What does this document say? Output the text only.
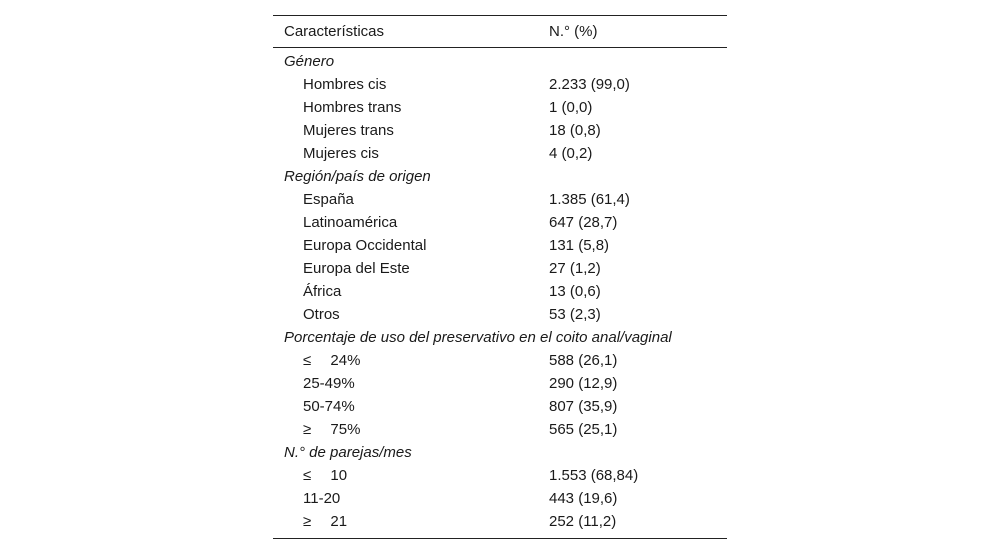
Características	N.° (%)
Género
Hombres cis	2.233 (99,0)
Hombres trans	1 (0,0)
Mujeres trans	18 (0,8)
Mujeres cis	4 (0,2)
Región/país de origen
España	1.385 (61,4)
Latinoamérica	647 (28,7)
Europa Occidental	131 (5,8)
Europa del Este	27 (1,2)
África	13 (0,6)
Otros	53 (2,3)
Porcentaje de uso del preservativo en el coito anal/vaginal
≤  24%	588 (26,1)
25-49%	290 (12,9)
50-74%	807 (35,9)
≥  75%	565 (25,1)
N.° de parejas/mes
≤  10	1.553 (68,84)
11-20	443 (19,6)
≥  21	252 (11,2)
